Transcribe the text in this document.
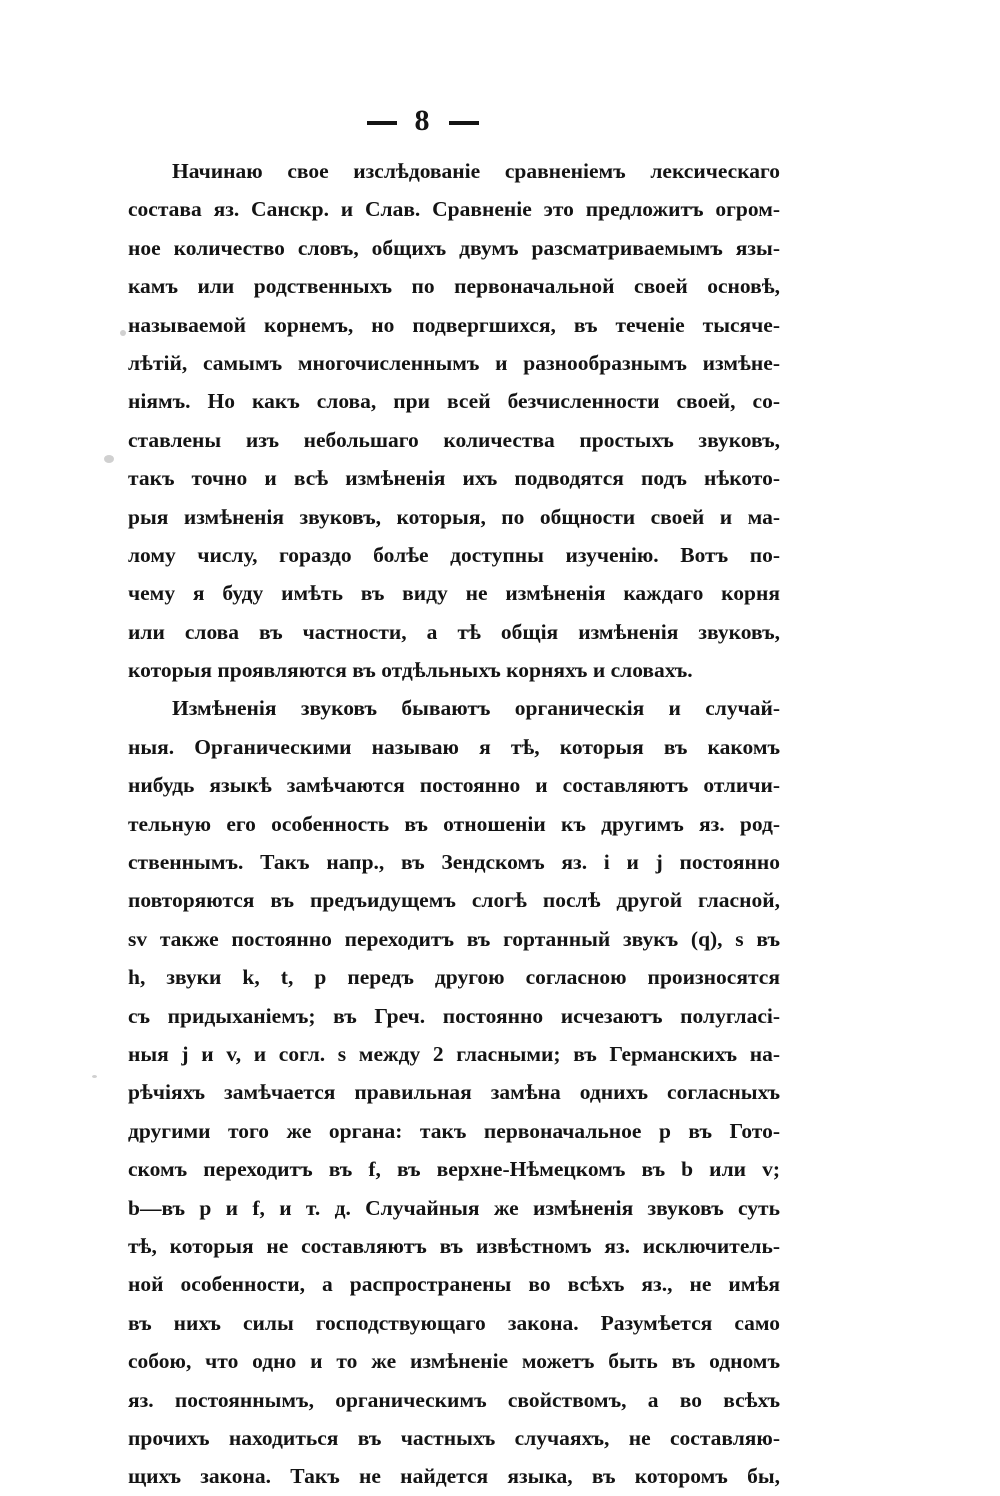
8
Начинаю свое изслѣдованіе сравненіемъ лексическаго
состава яз. Санскр. и Слав. Сравненіе это предложитъ огром-
ное количество словъ, общихъ двумъ разсматриваемымъ язы-
камъ или родственныхъ по первоначальной своей основѣ,
называемой корнемъ, но подвергшихся, въ теченіе тысяче-
лѣтій, самымъ многочисленнымъ и разнообразнымъ измѣне-
ніямъ. Но какъ слова, при всей безчисленности своей, со-
ставлены изъ небольшаго количества простыхъ звуковъ,
такъ точно и всѣ измѣненія ихъ подводятся подъ нѣкото-
рыя измѣненія звуковъ, которыя, по общности своей и ма-
лому числу, гораздо болѣе доступны изученію. Вотъ по-
чему я буду имѣть въ виду не измѣненія каждаго корня
или слова въ частности, а тѣ общія измѣненія звуковъ,
которыя проявляются въ отдѣльныхъ корняхъ и словахъ.
Измѣненія звуковъ бываютъ органическія и случай-
ныя. Органическими называю я тѣ, которыя въ какомъ
нибудь языкѣ замѣчаются постоянно и составляютъ отличи-
тельную его особенность въ отношеніи къ другимъ яз. род-
ственнымъ. Такъ напр., въ Зендскомъ яз. i и j постоянно
повторяются въ предъидущемъ слогѣ послѣ другой гласной,
sv также постоянно переходитъ въ гортанный звукъ (q), s въ
h, звуки k, t, p передъ другою согласною произносятся
съ придыханіемъ; въ Греч. постоянно исчезаютъ полугласі-
ныя j и v, и согл. s между 2 гласными; въ Германскихъ на-
рѣчіяхъ замѣчается правильная замѣна однихъ согласныхъ
другими того же органа: такъ первоначальное p въ Гото-
скомъ переходитъ въ f, въ верхне-Нѣмецкомъ въ b или v;
b—въ p и f, и т. д. Случайныя же измѣненія звуковъ суть
тѣ, которыя не составляютъ въ извѣстномъ яз. исключитель-
ной особенности, а распространены во всѣхъ яз., не имѣя
въ нихъ силы господствующаго закона. Разумѣется само
собою, что одно и то же измѣненіе можетъ быть въ одномъ
яз. постояннымъ, органическимъ свойствомъ, а во всѣхъ
прочихъ находиться въ частныхъ случаяхъ, не составляю-
щихъ закона. Такъ не найдется языка, въ которомъ бы,
